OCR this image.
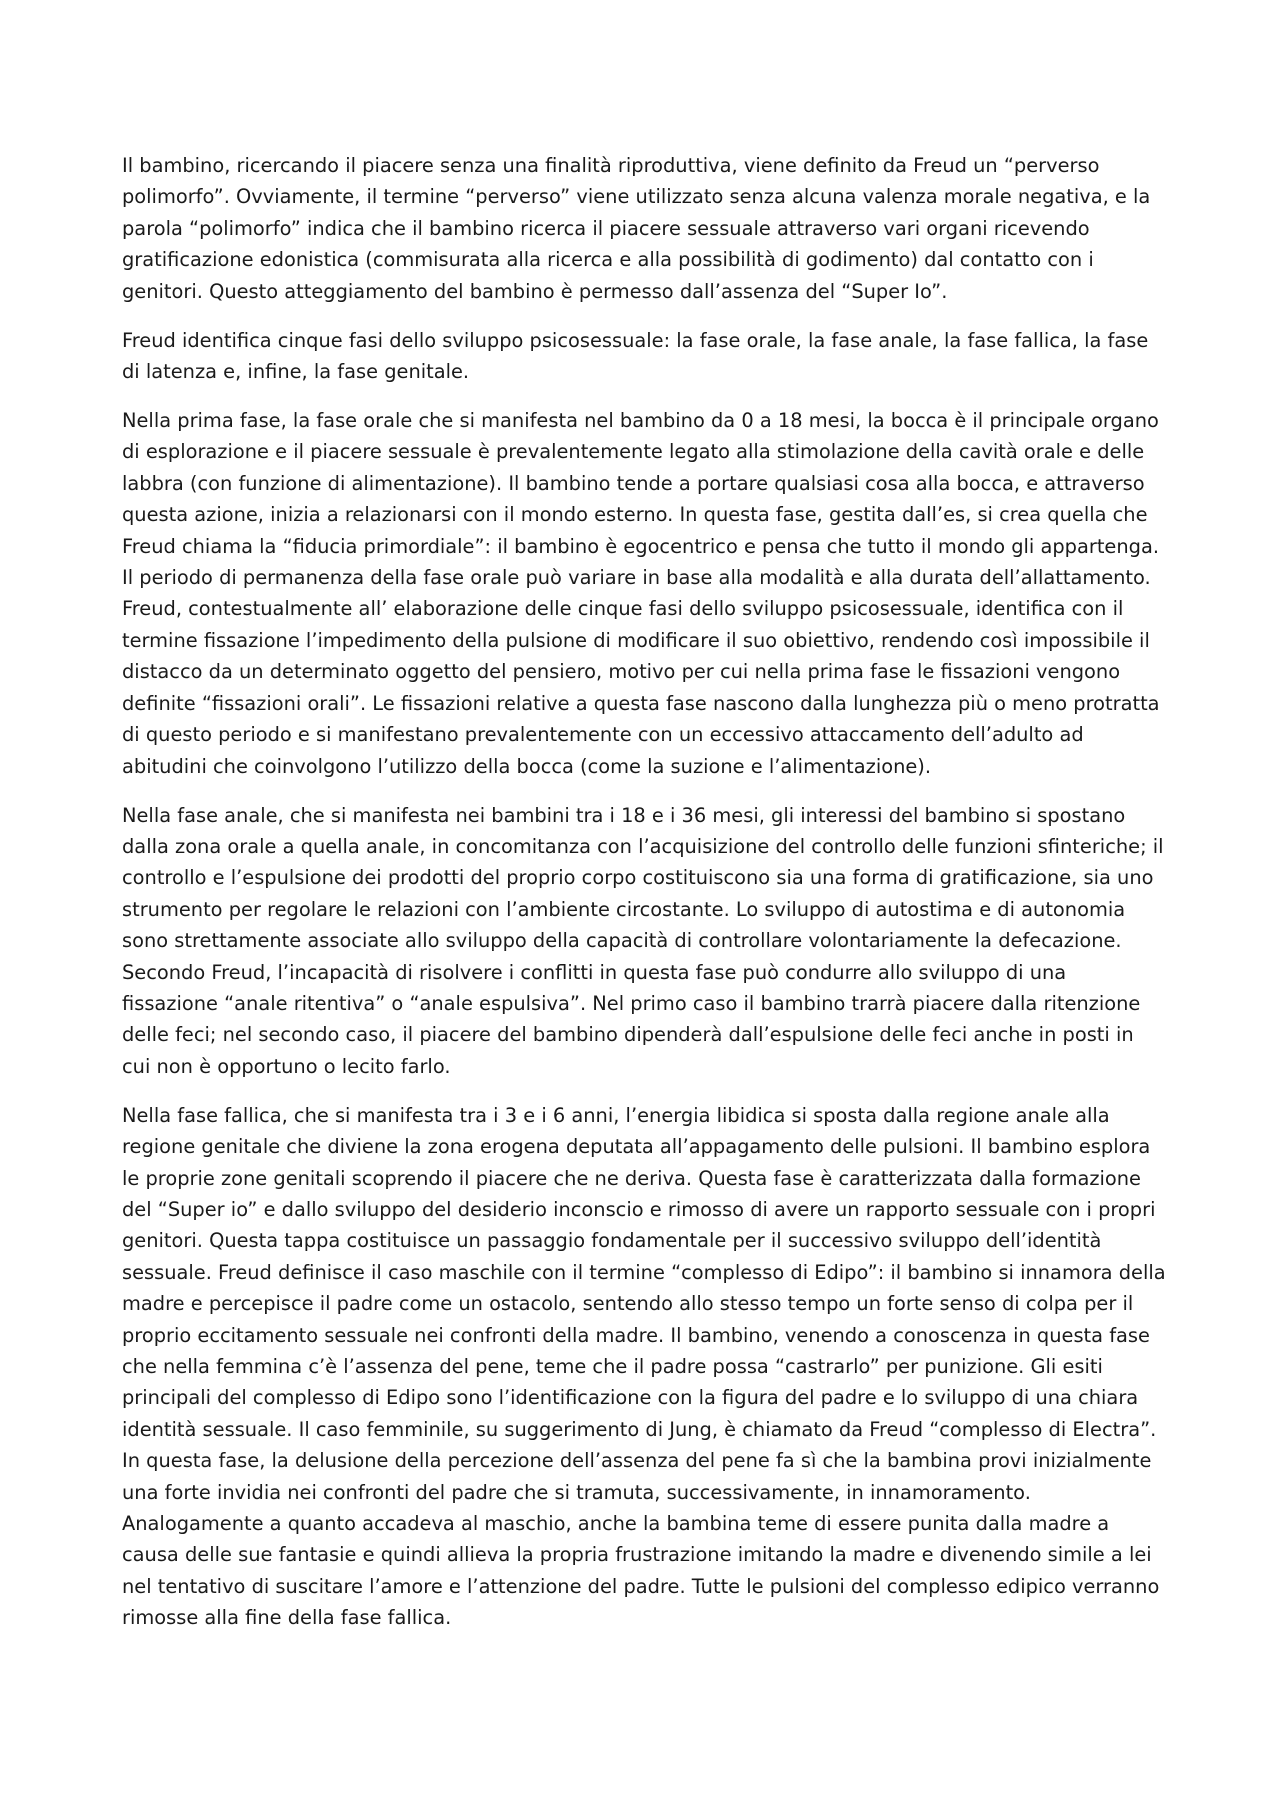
Il bambino, ricercando il piacere senza una finalità riproduttiva, viene definito da Freud un “perverso polimorfo”. Ovviamente, il termine “perverso” viene utilizzato senza alcuna valenza morale negativa, e la parola “polimorfo” indica che il bambino ricerca il piacere sessuale attraverso vari organi ricevendo gratificazione edonistica (commisurata alla ricerca e alla possibilità di godimento) dal contatto con i genitori. Questo atteggiamento del bambino è permesso dall’assenza del “Super Io”.

Freud identifica cinque fasi dello sviluppo psicosessuale: la fase orale, la fase anale, la fase fallica, la fase di latenza e, infine, la fase genitale.

Nella prima fase, la fase orale che si manifesta nel bambino da 0 a 18 mesi, la bocca è il principale organo di esplorazione e il piacere sessuale è prevalentemente legato alla stimolazione della cavità orale e delle labbra (con funzione di alimentazione). Il bambino tende a portare qualsiasi cosa alla bocca, e attraverso questa azione, inizia a relazionarsi con il mondo esterno. In questa fase, gestita dall’es, si crea quella che Freud chiama la “fiducia primordiale”: il bambino è egocentrico e pensa che tutto il mondo gli appartenga. Il periodo di permanenza della fase orale può variare in base alla modalità e alla durata dell’allattamento. Freud, contestualmente all’ elaborazione delle cinque fasi dello sviluppo psicosessuale, identifica con il termine fissazione l’impedimento della pulsione di modificare il suo obiettivo, rendendo così impossibile il distacco da un determinato oggetto del pensiero, motivo per cui nella prima fase le fissazioni vengono definite “fissazioni orali”. Le fissazioni relative a questa fase nascono dalla lunghezza più o meno protratta di questo periodo e si manifestano prevalentemente con un eccessivo attaccamento dell’adulto ad abitudini che coinvolgono l’utilizzo della bocca (come la suzione e l’alimentazione).

Nella fase anale, che si manifesta nei bambini tra i 18 e i 36 mesi, gli interessi del bambino si spostano dalla zona orale a quella anale, in concomitanza con l’acquisizione del controllo delle funzioni sfinteriche; il controllo e l’espulsione dei prodotti del proprio corpo costituiscono sia una forma di gratificazione, sia uno strumento per regolare le relazioni con l’ambiente circostante. Lo sviluppo di autostima e di autonomia sono strettamente associate allo sviluppo della capacità di controllare volontariamente la defecazione. Secondo Freud, l’incapacità di risolvere i conflitti in questa fase può condurre allo sviluppo di una fissazione “anale ritentiva” o “anale espulsiva”. Nel primo caso il bambino trarrà piacere dalla ritenzione delle feci; nel secondo caso, il piacere del bambino dipenderà dall’espulsione delle feci anche in posti in cui non è opportuno o lecito farlo.

Nella fase fallica, che si manifesta tra i 3 e i 6 anni, l’energia libidica si sposta dalla regione anale alla regione genitale che diviene la zona erogena deputata all’appagamento delle pulsioni. Il bambino esplora le proprie zone genitali scoprendo il piacere che ne deriva. Questa fase è caratterizzata dalla formazione del “Super io” e dallo sviluppo del desiderio inconscio e rimosso di avere un rapporto sessuale con i propri genitori. Questa tappa costituisce un passaggio fondamentale per il successivo sviluppo dell’identità sessuale. Freud definisce il caso maschile con il termine “complesso di Edipo”: il bambino si innamora della madre e percepisce il padre come un ostacolo, sentendo allo stesso tempo un forte senso di colpa per il proprio eccitamento sessuale nei confronti della madre. Il bambino, venendo a conoscenza in questa fase che nella femmina c’è l’assenza del pene, teme che il padre possa “castrarlo” per punizione. Gli esiti principali del complesso di Edipo sono l’identificazione con la figura del padre e lo sviluppo di una chiara identità sessuale. Il caso femminile, su suggerimento di Jung, è chiamato da Freud “complesso di Electra”. In questa fase, la delusione della percezione dell’assenza del pene fa sì che la bambina provi inizialmente una forte invidia nei confronti del padre che si tramuta, successivamente, in innamoramento. Analogamente a quanto accadeva al maschio, anche la bambina teme di essere punita dalla madre a causa delle sue fantasie e quindi allieva la propria frustrazione imitando la madre e divenendo simile a lei nel tentativo di suscitare l’amore e l’attenzione del padre. Tutte le pulsioni del complesso edipico verranno rimosse alla fine della fase fallica.
